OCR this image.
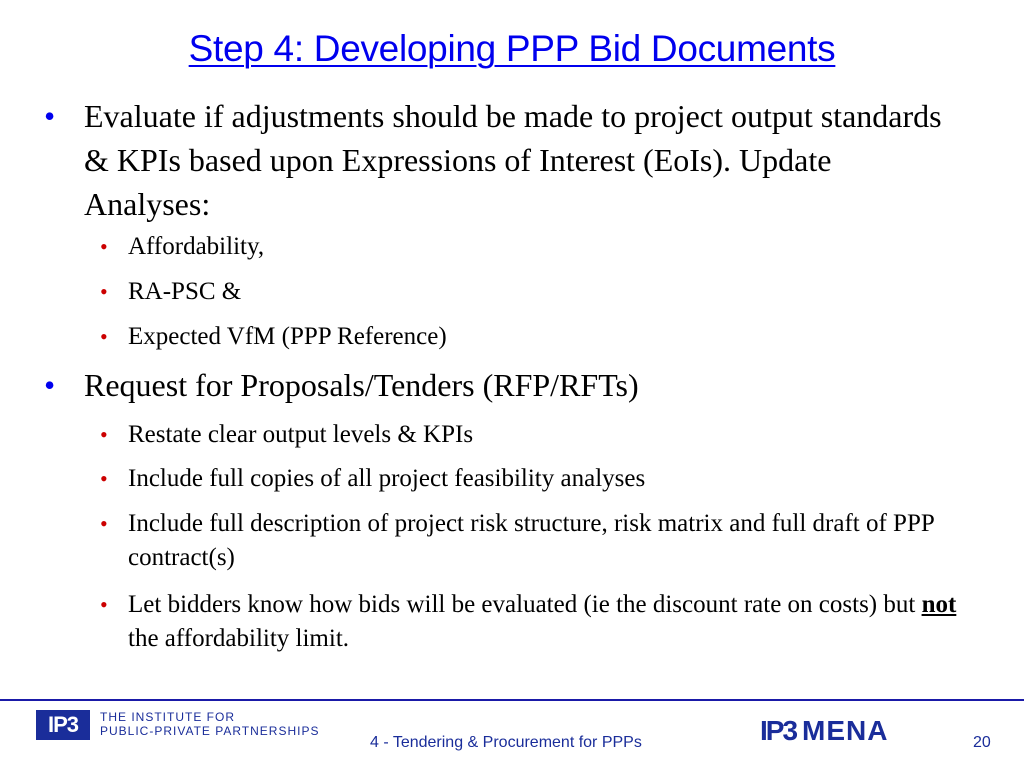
Step 4: Developing PPP Bid Documents
• Evaluate if adjustments should be made to project output standards & KPIs based upon Expressions of Interest (EoIs). Update Analyses:
• Affordability,
• RA-PSC &
• Expected VfM (PPP Reference)
• Request for Proposals/Tenders (RFP/RFTs)
• Restate clear output levels & KPIs
• Include full copies of all project feasibility analyses
• Include full description of project risk structure, risk matrix and full draft of PPP contract(s)
• Let bidders know how bids will be evaluated (ie the discount rate on costs) but not the affordability limit.
IP3	THE INSTITUTE FOR
PUBLIC-PRIVATE PARTNERSHIPS
4 - Tendering & Procurement for PPPs	IP3 MENA	20
